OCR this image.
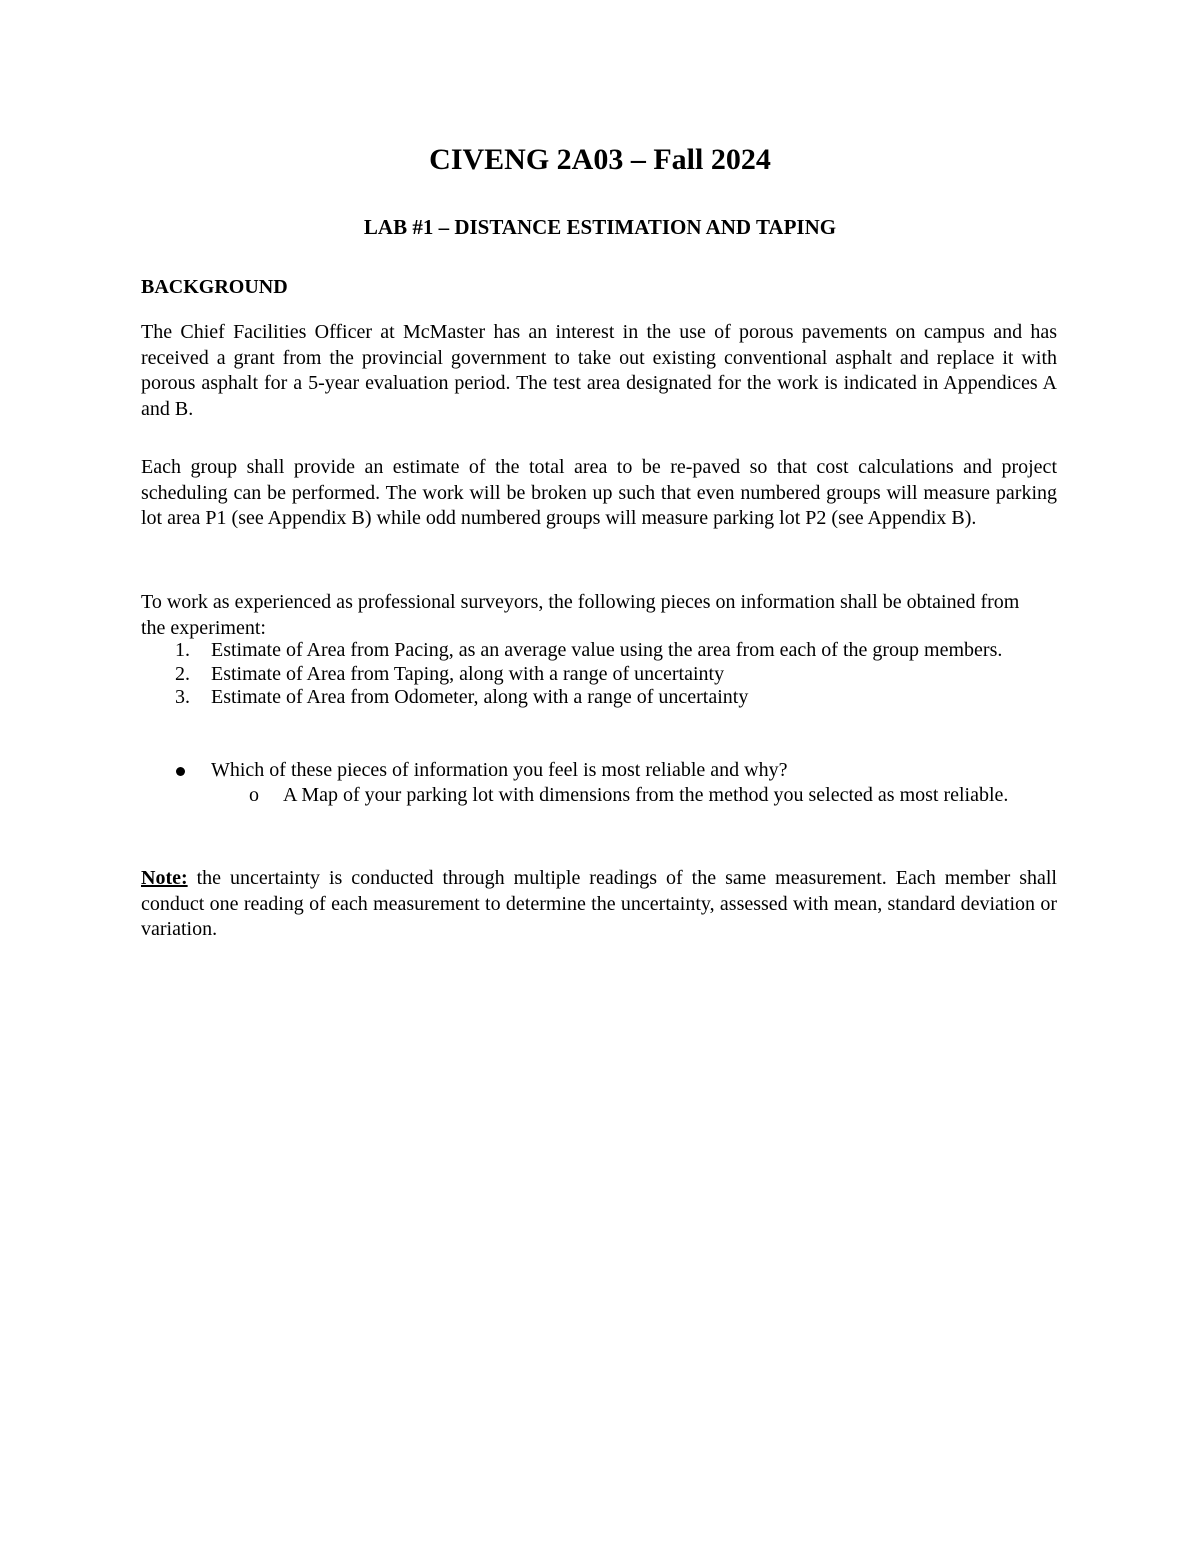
CIVENG 2A03 – Fall 2024
LAB #1 – DISTANCE ESTIMATION AND TAPING
BACKGROUND
The Chief Facilities Officer at McMaster has an interest in the use of porous pavements on campus and has received a grant from the provincial government to take out existing conventional asphalt and replace it with porous asphalt for a 5-year evaluation period. The test area designated for the work is indicated in Appendices A and B.
Each group shall provide an estimate of the total area to be re-paved so that cost calculations and project scheduling can be performed. The work will be broken up such that even numbered groups will measure parking lot area P1 (see Appendix B) while odd numbered groups will measure parking lot P2 (see Appendix B).
To work as experienced as professional surveyors, the following pieces on information shall be obtained from the experiment:
1. Estimate of Area from Pacing, as an average value using the area from each of the group members.
2. Estimate of Area from Taping, along with a range of uncertainty
3. Estimate of Area from Odometer, along with a range of uncertainty
Which of these pieces of information you feel is most reliable and why?
o A Map of your parking lot with dimensions from the method you selected as most reliable.
Note: the uncertainty is conducted through multiple readings of the same measurement. Each member shall conduct one reading of each measurement to determine the uncertainty, assessed with mean, standard deviation or variation.
